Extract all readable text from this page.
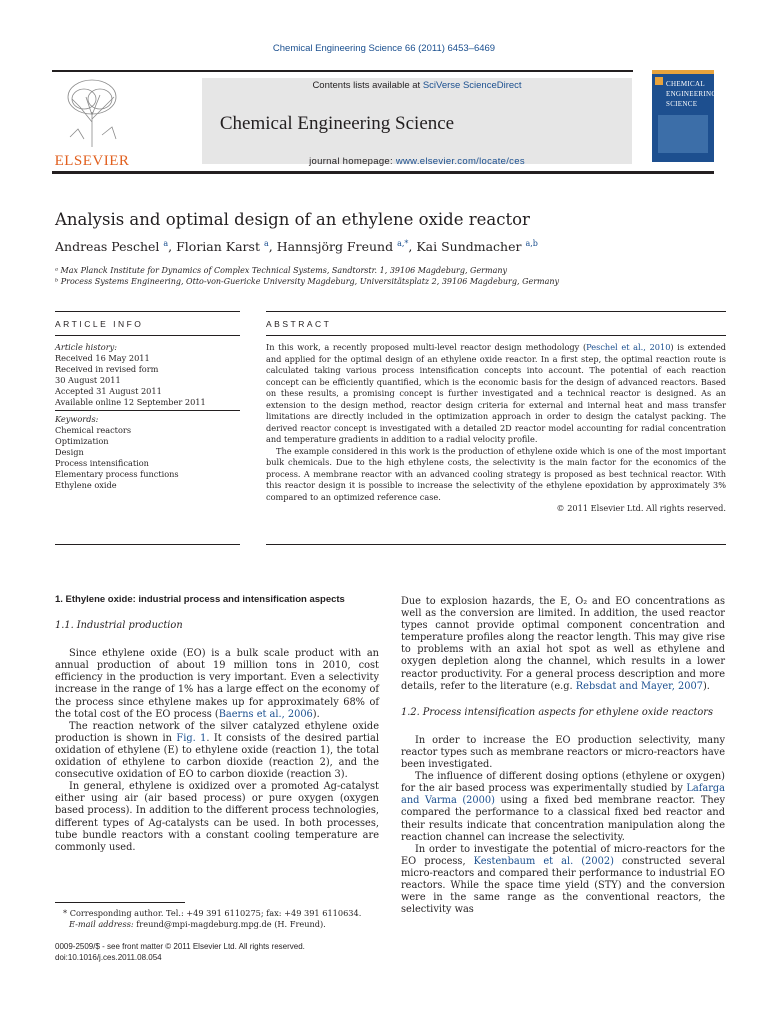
Chemical Engineering Science 66 (2011) 6453–6469
ELSEVIER
Contents lists available at SciVerse ScienceDirect
Chemical Engineering Science
journal homepage: www.elsevier.com/locate/ces
CHEMICAL
ENGINEERING
SCIENCE
Analysis and optimal design of an ethylene oxide reactor
Andreas Peschel $^a$, Florian Karst $^a$, Hannsjörg Freund $^{a,*}$, Kai Sundmacher $^{a,b}$
ᵃ Max Planck Institute for Dynamics of Complex Technical Systems, Sandtorstr. 1, 39106 Magdeburg, Germany
ᵇ Process Systems Engineering, Otto-von-Guericke University Magdeburg, Universitätsplatz 2, 39106 Magdeburg, Germany
ARTICLE INFO	ABSTRACT
Article history:
Received 16 May 2011
Received in revised form
30 August 2011
Accepted 31 August 2011
Available online 12 September 2011
Keywords:
Chemical reactors
Optimization
Design
Process intensification
Elementary process functions
Ethylene oxide

In this work, a recently proposed multi-level reactor design methodology (Peschel et al., 2010) is extended and applied for the optimal design of an ethylene oxide reactor. In a first step, the optimal reaction route is calculated taking various process intensification concepts into account. The potential of each reaction concept can be efficiently quantified, which is the economic basis for the design of advanced reactors. Based on these results, a promising concept is further investigated and a technical reactor is designed. As an extension to the design method, reactor design criteria for external and internal heat and mass transfer limitations are directly included in the optimization approach in order to design the catalyst packing. The derived reactor concept is investigated with a detailed 2D reactor model accounting for radial concentration and temperature gradients in addition to a radial velocity profile.

The example considered in this work is the production of ethylene oxide which is one of the most important bulk chemicals. Due to the high ethylene costs, the selectivity is the main factor for the economics of the process. A membrane reactor with an advanced cooling strategy is proposed as best technical reactor. With this reactor design it is possible to increase the selectivity of the ethylene epoxidation by approximately 3% compared to an optimized reference case.

© 2011 Elsevier Ltd. All rights reserved.

1. Ethylene oxide: industrial process and intensification aspects
1.1. Industrial production

Since ethylene oxide (EO) is a bulk scale product with an annual production of about 19 million tons in 2010, cost efficiency in the production is very important. Even a selectivity increase in the range of 1% has a large effect on the economy of the process since ethylene makes up for approximately 68% of the total cost of the EO process (Baerns et al., 2006).

The reaction network of the silver catalyzed ethylene oxide production is shown in Fig. 1. It consists of the desired partial oxidation of ethylene (E) to ethylene oxide (reaction 1), the total oxidation of ethylene to carbon dioxide (reaction 2), and the consecutive oxidation of EO to carbon dioxide (reaction 3).

In general, ethylene is oxidized over a promoted Ag-catalyst either using air (air based process) or pure oxygen (oxygen based process). In addition to the different process technologies, different types of Ag-catalysts can be used. In both processes, tube bundle reactors with a constant cooling temperature are commonly used.

Due to explosion hazards, the E, O₂ and EO concentrations as well as the conversion are limited. In addition, the used reactor types cannot provide optimal component concentration and temperature profiles along the reactor length. This may give rise to problems with an axial hot spot as well as ethylene and oxygen depletion along the channel, which results in a lower reactor productivity. For a general process description and more details, refer to the literature (e.g. Rebsdat and Mayer, 2007).

1.2. Process intensification aspects for ethylene oxide reactors

In order to increase the EO production selectivity, many reactor types such as membrane reactors or micro-reactors have been investigated.

The influence of different dosing options (ethylene or oxygen) for the air based process was experimentally studied by Lafarga and Varma (2000) using a fixed bed membrane reactor. They compared the performance to a classical fixed bed reactor and their results indicate that concentration manipulation along the reaction channel can increase the selectivity.

In order to investigate the potential of micro-reactors for the EO process, Kestenbaum et al. (2002) constructed several micro-reactors and compared their performance to industrial EO reactors. While the space time yield (STY) and the conversion were in the same range as the conventional reactors, the selectivity was

* Corresponding author. Tel.: +49 391 6110275; fax: +49 391 6110634.
E-mail address: freund@mpi-magdeburg.mpg.de (H. Freund).
0009-2509/$ - see front matter © 2011 Elsevier Ltd. All rights reserved.
doi:10.1016/j.ces.2011.08.054
